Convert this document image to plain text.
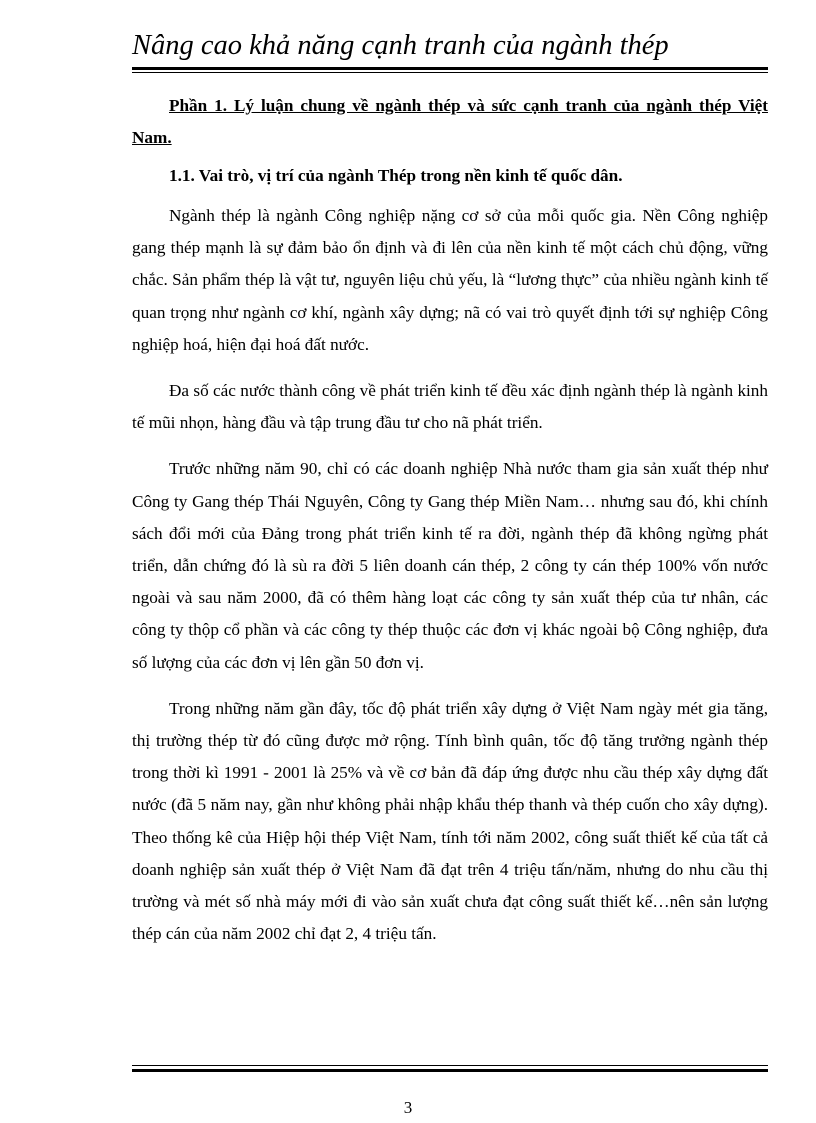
Nâng cao khả năng cạnh tranh của ngành thép

Phần 1. Lý luận chung về ngành thép và sức cạnh tranh của ngành thép Việt Nam.

1.1. Vai trò, vị trí của ngành Thép trong nền kinh tế quốc dân.

Ngành thép là ngành Công nghiệp nặng cơ sở của mỗi quốc gia. Nền Công nghiệp gang thép mạnh là sự đảm bảo ổn định và đi lên của nền kinh tế một cách chủ động, vững chắc. Sản phẩm thép là vật tư, nguyên liệu chủ yếu, là “lương thực” của nhiều ngành kinh tế quan trọng như ngành cơ khí, ngành xây dựng; nã có vai trò quyết định tới sự nghiệp Công nghiệp hoá, hiện đại hoá đất nước.

Đa số các nước thành công về phát triển kinh tế đều xác định ngành thép là ngành kinh tế mũi nhọn, hàng đầu và tập trung đầu tư cho nã phát triển.

Trước những năm 90, chỉ có các doanh nghiệp Nhà nước tham gia sản xuất thép như Công ty Gang thép Thái Nguyên, Công ty Gang thép Miền Nam… nhưng sau đó, khi chính sách đổi mới của Đảng trong phát triển kinh tế ra đời, ngành thép đã không ngừng phát triển, dẫn chứng đó là sù ra đời 5 liên doanh cán thép, 2 công ty cán thép 100% vốn nước ngoài và sau năm 2000, đã có thêm hàng loạt các công ty sản xuất thép của tư nhân, các công ty thộp cổ phần và các công ty thép thuộc các đơn vị khác ngoài bộ Công nghiệp, đưa số lượng của các đơn vị lên gần 50 đơn vị.

Trong những năm gần đây, tốc độ phát triển xây dựng ở Việt Nam ngày mét gia tăng, thị trường thép từ đó cũng được mở rộng. Tính bình quân, tốc độ tăng trưởng ngành thép trong thời kì 1991 - 2001 là 25% và về cơ bản đã đáp ứng được nhu cầu thép xây dựng đất nước (đã 5 năm nay, gần như không phải nhập khẩu thép thanh và thép cuốn cho xây dựng). Theo thống kê của Hiệp hội thép Việt Nam, tính tới năm 2002, công suất thiết kế của tất cả doanh nghiệp sản xuất thép ở Việt Nam đã đạt trên 4 triệu tấn/năm, nhưng do nhu cầu thị trường và mét số nhà máy mới đi vào sản xuất chưa đạt công suất thiết kế…nên sản lượng thép cán của năm 2002 chỉ đạt 2, 4 triệu tấn.

3
